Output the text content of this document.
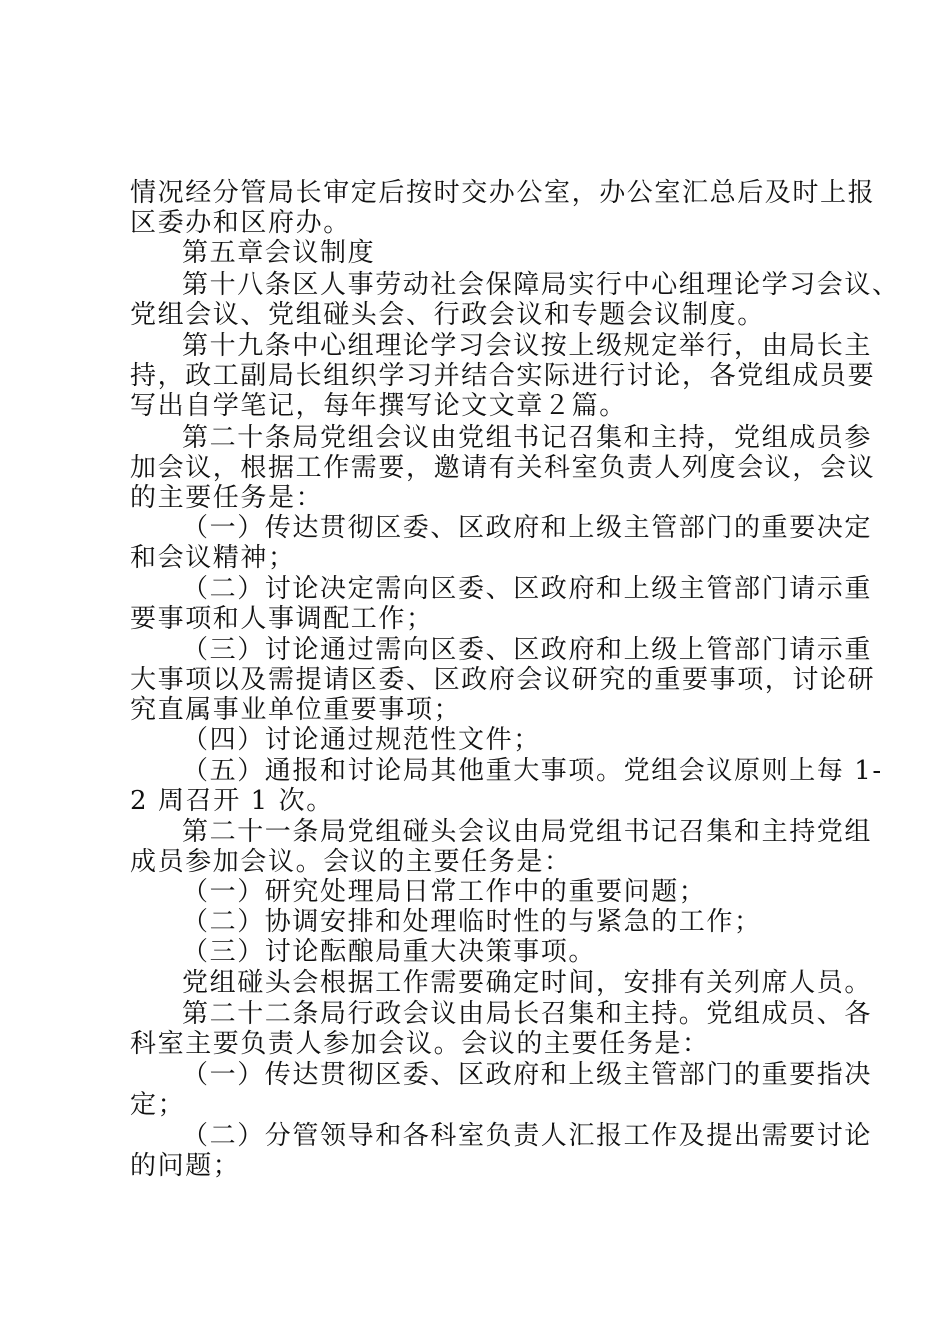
情况经分管局长审定后按时交办公室，办公室汇总后及时上报
区委办和区府办。
第五章会议制度
第十八条区人事劳动社会保障局实行中心组理论学习会议、
党组会议、党组碰头会、行政会议和专题会议制度。
第十九条中心组理论学习会议按上级规定举行，由局长主
持，政工副局长组织学习并结合实际进行讨论，各党组成员要
写出自学笔记，每年撰写论文文章２篇。
第二十条局党组会议由党组书记召集和主持，党组成员参
加会议，根据工作需要，邀请有关科室负责人列度会议，会议
的主要任务是：
（一）传达贯彻区委、区政府和上级主管部门的重要决定
和会议精神；
（二）讨论决定需向区委、区政府和上级主管部门请示重
要事项和人事调配工作；
（三）讨论通过需向区委、区政府和上级上管部门请示重
大事项以及需提请区委、区政府会议研究的重要事项，讨论研
究直属事业单位重要事项；
（四）讨论通过规范性文件；
（五）通报和讨论局其他重大事项。党组会议原则上每 1-
2 周召开 1 次。
第二十一条局党组碰头会议由局党组书记召集和主持党组
成员参加会议。会议的主要任务是：
（一）研究处理局日常工作中的重要问题；
（二）协调安排和处理临时性的与紧急的工作；
（三）讨论酝酿局重大决策事项。
党组碰头会根据工作需要确定时间，安排有关列席人员。
第二十二条局行政会议由局长召集和主持。党组成员、各
科室主要负责人参加会议。会议的主要任务是：
（一）传达贯彻区委、区政府和上级主管部门的重要指决
定；
（二）分管领导和各科室负责人汇报工作及提出需要讨论
的问题；
